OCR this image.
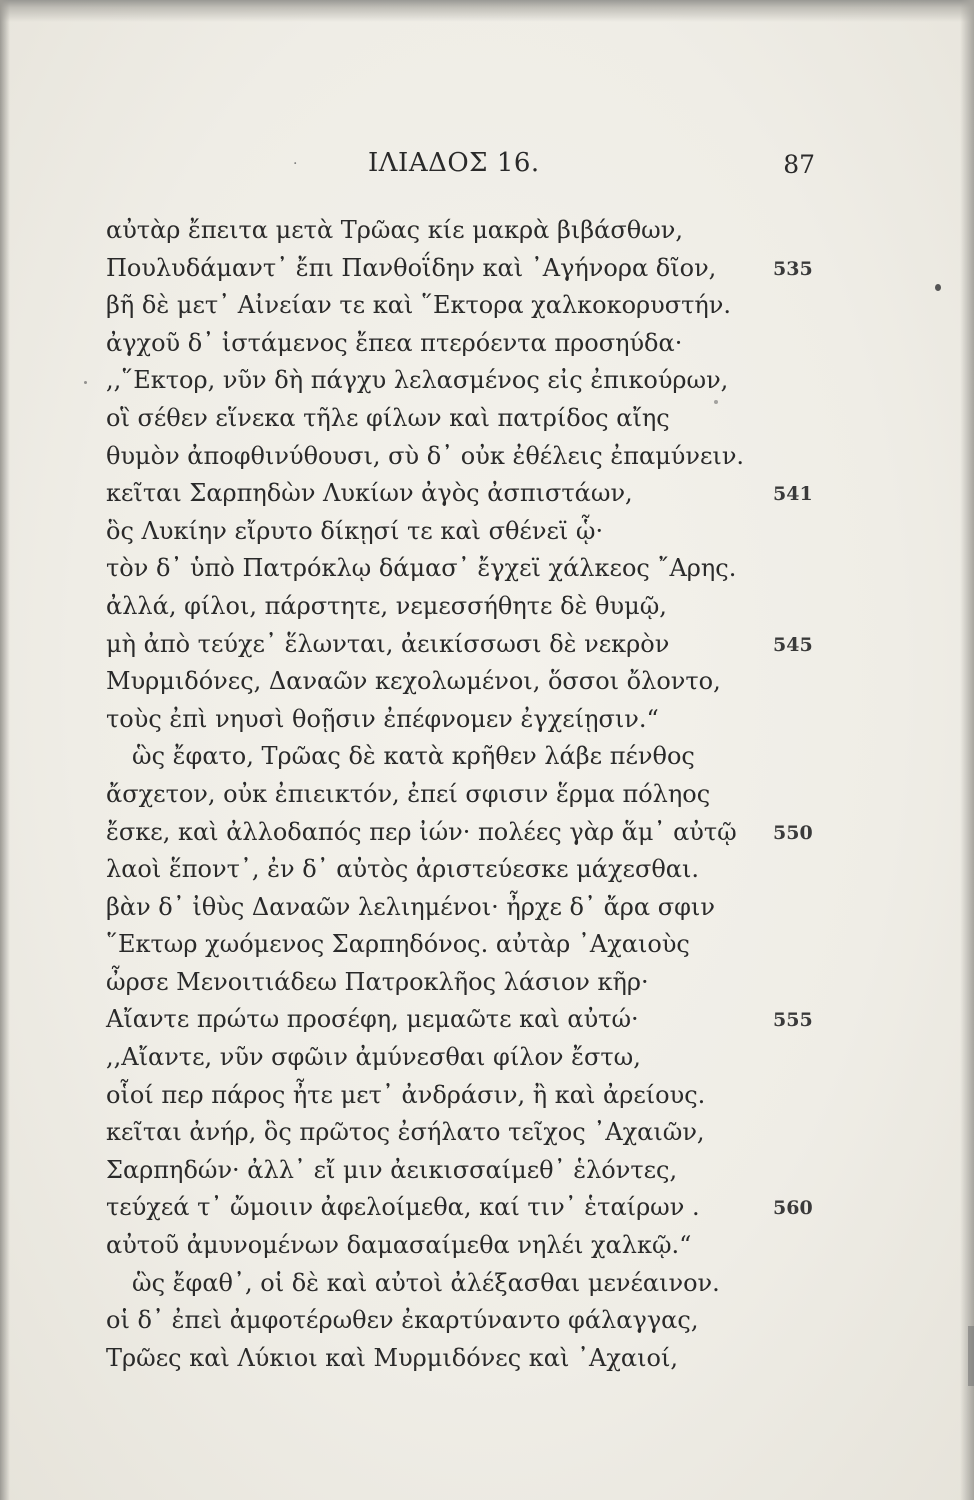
·	ΙΛΙΑΔΟΣ 16.	87
αὐτὰρ ἔπειτα μετὰ Τρῶας κίε μακρὰ βιβάσθων,
Πουλυδάμαντ᾽ ἔπι Πανθοΐδην καὶ ᾽Αγήνορα δῖον,	535
βῆ δὲ μετ᾽ Αἰνείαν τε καὶ ῞Εκτορα χαλκοκορυστήν.
ἀγχοῦ δ᾽ ἱστάμενος ἔπεα πτερόεντα προσηύδα·
,,῞Εκτορ, νῦν δὴ πάγχυ λελασμένος εἰς ἐπικούρων,
οἳ σέθεν εἵνεκα τῆλε φίλων καὶ πατρίδος αἴης
θυμὸν ἀποφθινύθουσι, σὺ δ᾽ οὐκ ἐθέλεις ἐπαμύνειν.
κεῖται Σαρπηδὼν Λυκίων ἀγὸς ἀσπιστάων,	541
ὃς Λυκίην εἴρυτο δίκῃσί τε καὶ σθένεϊ ᾧ·
τὸν δ᾽ ὑπὸ Πατρόκλῳ δάμασ᾽ ἔγχεϊ χάλκεος ῎Αρης.
ἀλλά, φίλοι, πάρστητε, νεμεσσήθητε δὲ θυμῷ,
μὴ ἀπὸ τεύχε᾽ ἕλωνται, ἀεικίσσωσι δὲ νεκρὸν	545
Μυρμιδόνες, Δαναῶν κεχολωμένοι, ὅσσοι ὄλοντο,
τοὺς ἐπὶ νηυσὶ θοῇσιν ἐπέφνομεν ἐγχείῃσιν.“
ὣς ἔφατο, Τρῶας δὲ κατὰ κρῆθεν λάβε πένθος
ἄσχετον, οὐκ ἐπιεικτόν, ἐπεί σφισιν ἕρμα πόληος
ἔσκε, καὶ ἀλλοδαπός περ ἰών· πολέες γὰρ ἅμ᾽ αὐτῷ 550
λαοὶ ἕποντ᾽, ἐν δ᾽ αὐτὸς ἀριστεύεσκε μάχεσθαι.
βὰν δ᾽ ἰθὺς Δαναῶν λελιημένοι· ἦρχε δ᾽ ἄρα σφιν
῞Εκτωρ χωόμενος Σαρπηδόνος. αὐτὰρ ᾽Αχαιοὺς
ὦρσε Μενοιτιάδεω Πατροκλῆος λάσιον κῆρ·
Αἴαντε πρώτω προσέφη, μεμαῶτε καὶ αὐτώ·	555
,,Αἴαντε, νῦν σφῶιν ἀμύνεσθαι φίλον ἔστω,
οἷοί περ πάρος ἦτε μετ᾽ ἀνδράσιν, ἢ καὶ ἀρείους.
κεῖται ἀνήρ, ὃς πρῶτος ἐσήλατο τεῖχος ᾽Αχαιῶν,
Σαρπηδών· ἀλλ᾽ εἴ μιν ἀεικισσαίμεθ᾽ ἑλόντες,
τεύχεά τ᾽ ὤμοιιν ἀφελοίμεθα, καί τιν᾽ ἑταίρων .	560
αὐτοῦ ἀμυνομένων δαμασαίμεθα νηλέι χαλκῷ.“
ὣς ἔφαθ᾽, οἱ δὲ καὶ αὐτοὶ ἀλέξασθαι μενέαινον.
οἱ δ᾽ ἐπεὶ ἀμφοτέρωθεν ἐκαρτύναντο φάλαγγας,
Τρῶες καὶ Λύκιοι καὶ Μυρμιδόνες καὶ ᾽Αχαιοί,
